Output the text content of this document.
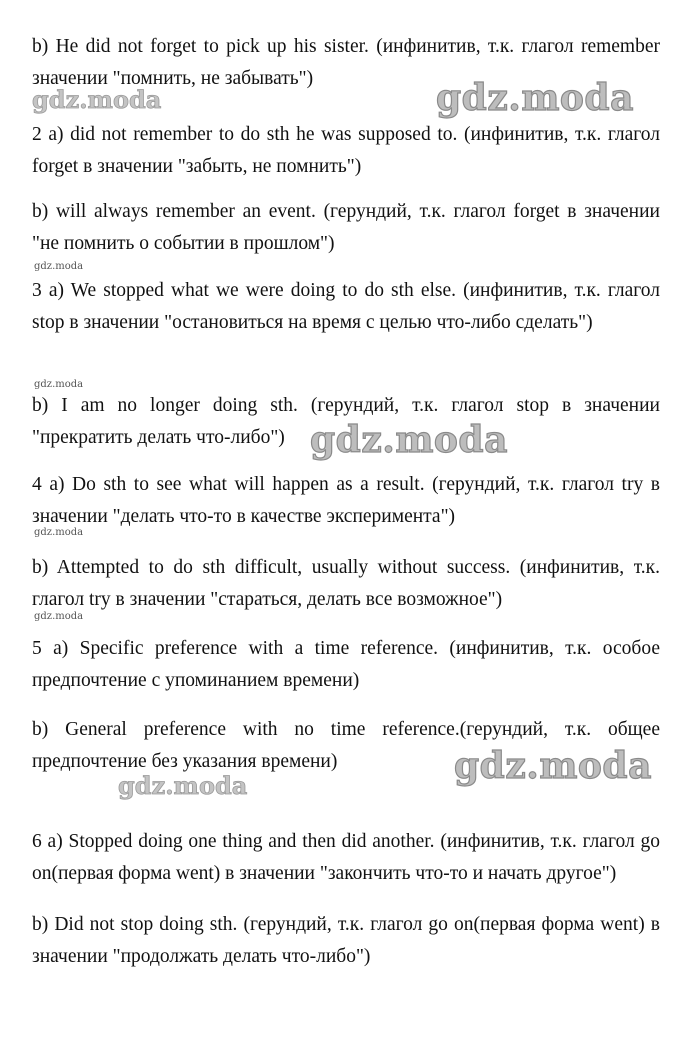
b) He did not forget to pick up his sister. (инфинитив, т.к. глагол remember значении "помнить, не забывать")

2 a) did not remember to do sth he was supposed to. (инфинитив, т.к. глагол forget в значении "забыть, не помнить")

b) will always remember an event. (герундий, т.к. глагол forget в значении "не помнить о событии в прошлом")

3 a) We stopped what we were doing to do sth else. (инфинитив, т.к. глагол stop в значении "остановиться на время с целью что-либо сделать")

b) I am no longer doing sth. (герундий, т.к. глагол stop в значении "прекратить делать что-либо")

4 a) Do sth to see what will happen as a result. (герундий, т.к. глагол try в значении "делать что-то в качестве эксперимента")

b) Attempted to do sth difficult, usually without success. (инфинитив, т.к. глагол try в значении "стараться, делать все возможное")

5 a) Specific preference with a time reference. (инфинитив, т.к. особое предпочтение с упоминанием времени)

b) General preference with no time reference.(герундий, т.к. общее предпочтение без указания времени)

6 a) Stopped doing one thing and then did another. (инфинитив, т.к. глагол go on(первая форма went) в значении "закончить что-то и начать другое")

b) Did not stop doing sth. (герундий, т.к. глагол go on(первая форма went) в значении "продолжать делать что-либо")

gdz.moda	gdz.moda
gdz.moda
gdz.moda
gdz.moda
gdz.moda
gdz.moda
gdz.moda
gdz.moda
